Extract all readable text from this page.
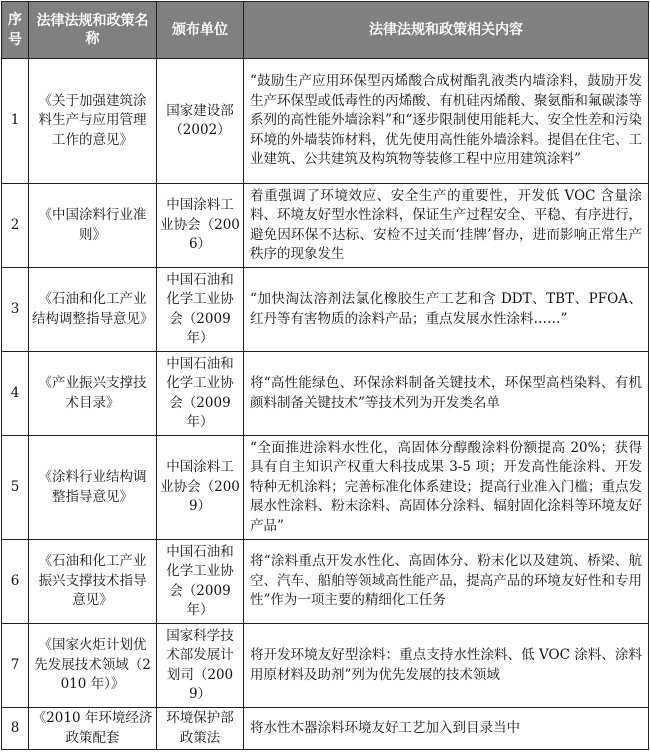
序号	法律法规和政策名称	颁布单位	法律法规和政策相关内容
1	《关于加强建筑涂料生产与应用管理工作的意见》	国家建设部（2002）	“鼓励生产应用环保型丙烯酸合成树酯乳液类内墙涂料，鼓励开发生产环保型或低毒性的丙烯酸、有机硅丙烯酸、聚氨酯和氟碳漆等系列的高性能外墙涂料”和“逐步限制使用能耗大、安全性差和污染环境的外墙装饰材料，优先使用高性能外墙涂料。提倡在住宅、工业建筑、公共建筑及构筑物等装修工程中应用建筑涂料”
2	《中国涂料行业准则》	中国涂料工业协会（2006）	着重强调了环境效应、安全生产的重要性，开发低 VOC 含量涂料、环境友好型水性涂料，保证生产过程安全、平稳、有序进行，避免因环保不达标、安检不过关而‘挂牌’督办，进而影响正常生产秩序的现象发生
3	《石油和化工产业结构调整指导意见》	中国石油和化学工业协会（2009 年）	“加快淘汰溶剂法氯化橡胶生产工艺和含 DDT、TBT、PFOA、红丹等有害物质的涂料产品；重点发展水性涂料……”
4	《产业振兴支撑技术目录》	中国石油和化学工业协会（2009 年）	将“高性能绿色、环保涂料制备关键技术，环保型高档染料、有机颜料制备关键技术”等技术列为开发类名单
5	《涂料行业结构调整指导意见》	中国涂料工业协会（2009）	“全面推进涂料水性化，高固体分醇酸涂料份额提高 20%；获得具有自主知识产权重大科技成果 3-5 项；开发高性能涂料、开发特种无机涂料；完善标准化体系建设；提高行业准入门槛；重点发展水性涂料、粉末涂料、高固体分涂料、辐射固化涂料等环境友好产品”
6	《石油和化工产业振兴支撑技术指导意见》	中国石油和化学工业协会（2009 年）	将“涂料重点开发水性化、高固体分、粉末化以及建筑、桥梁、航空、汽车、船舶等领域高性能产品，提高产品的环境友好性和专用性”作为一项主要的精细化工任务
7	《国家火炬计划优先发展技术领域（2010 年）》	国家科学技术部发展计划司（2009）	将开发环境友好型涂料：重点支持水性涂料、低 VOC 涂料、涂料用原材料及助剂”列为优先发展的技术领域
8	《2010 年环境经济政策配套	环境保护部政策法	将水性木器涂料环境友好工艺加入到目录当中
